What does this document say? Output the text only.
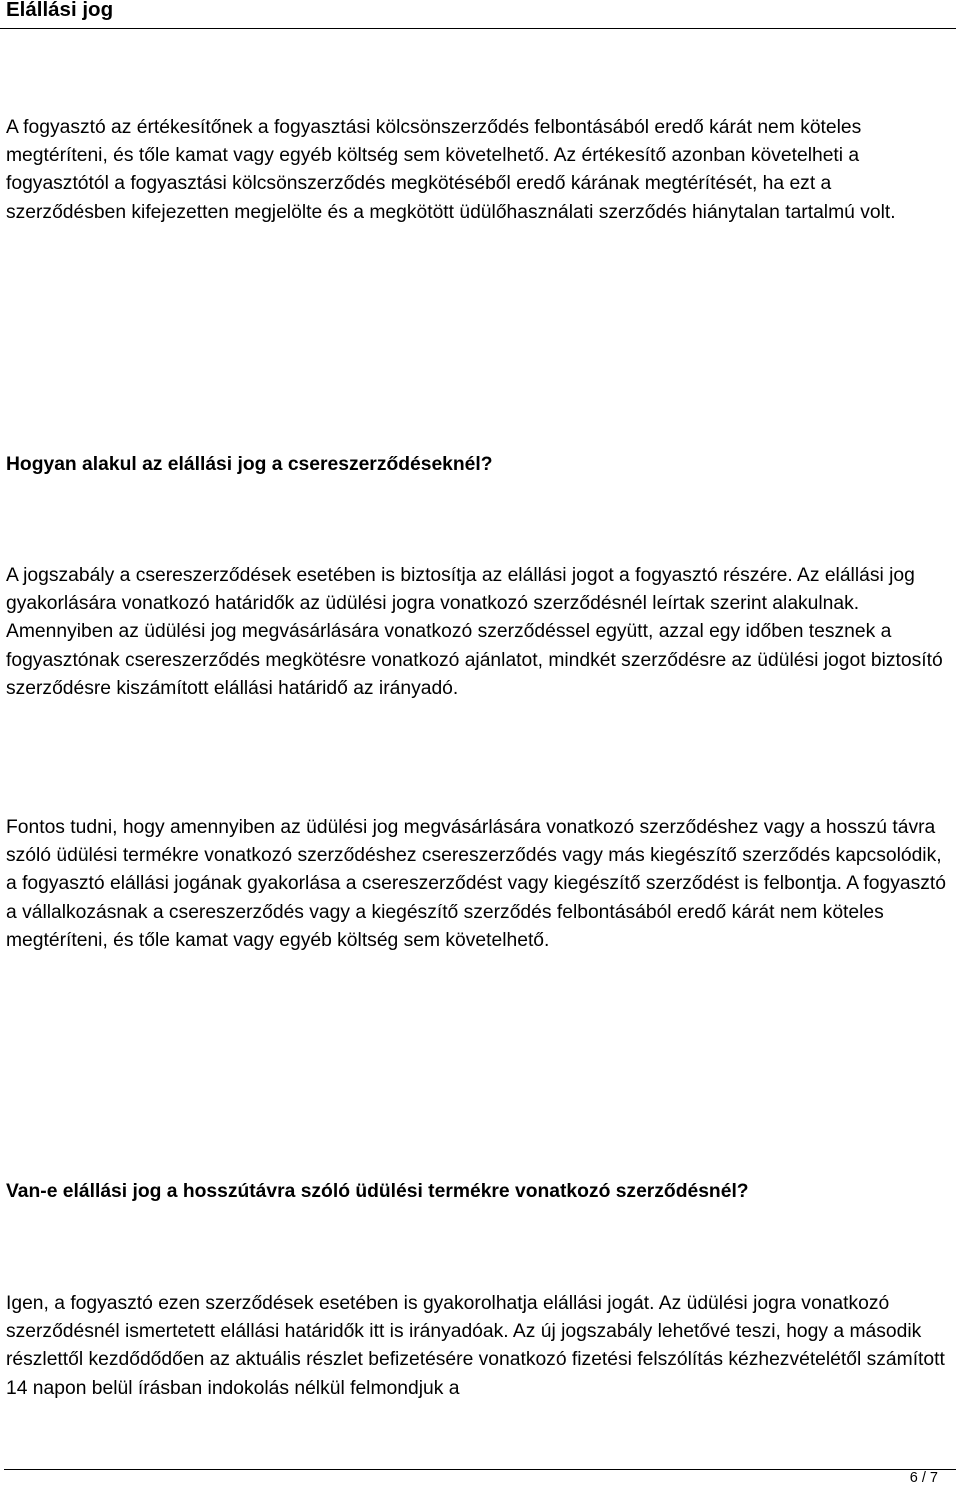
Elállási jog

A fogyasztó az értékesítőnek a fogyasztási kölcsönszerződés felbontásából eredő kárát nem köteles megtéríteni, és tőle kamat vagy egyéb költség sem követelhető. Az értékesítő azonban követelheti a fogyasztótól a fogyasztási kölcsönszerződés megkötéséből eredő kárának megtérítését, ha ezt a szerződésben kifejezetten megjelölte és a megkötött üdülőhasználati szerződés hiánytalan tartalmú volt.

Hogyan alakul az elállási jog a csereszerződéseknél?

A jogszabály a csereszerződések esetében is biztosítja az elállási jogot a fogyasztó részére. Az elállási jog gyakorlására vonatkozó határidők az üdülési jogra vonatkozó szerződésnél leírtak szerint alakulnak. Amennyiben az üdülési jog megvásárlására vonatkozó szerződéssel együtt, azzal egy időben tesznek a fogyasztónak csereszerződés megkötésre vonatkozó ajánlatot, mindkét szerződésre az üdülési jogot biztosító szerződésre kiszámított elállási határidő az irányadó.

Fontos tudni, hogy amennyiben az üdülési jog megvásárlására vonatkozó szerződéshez vagy a hosszú távra szóló üdülési termékre vonatkozó szerződéshez csereszerződés vagy más kiegészítő szerződés kapcsolódik, a fogyasztó elállási jogának gyakorlása a csereszerződést vagy kiegészítő szerződést is felbontja. A fogyasztó a vállalkozásnak a csereszerződés vagy a kiegészítő szerződés felbontásából eredő kárát nem köteles megtéríteni, és tőle kamat vagy egyéb költség sem követelhető.

Van-e elállási jog a hosszútávra szóló üdülési termékre vonatkozó szerződésnél?

Igen, a fogyasztó ezen szerződések esetében is gyakorolhatja elállási jogát. Az üdülési jogra vonatkozó szerződésnél ismertetett elállási határidők itt is irányadóak. Az új jogszabály lehetővé teszi, hogy a második részlettől kezdődődően az aktuális részlet befizetésére vonatkozó fizetési felszólítás kézhezvételétől számított 14 napon belül írásban indokolás nélkül felmondjuk a

6 / 7
